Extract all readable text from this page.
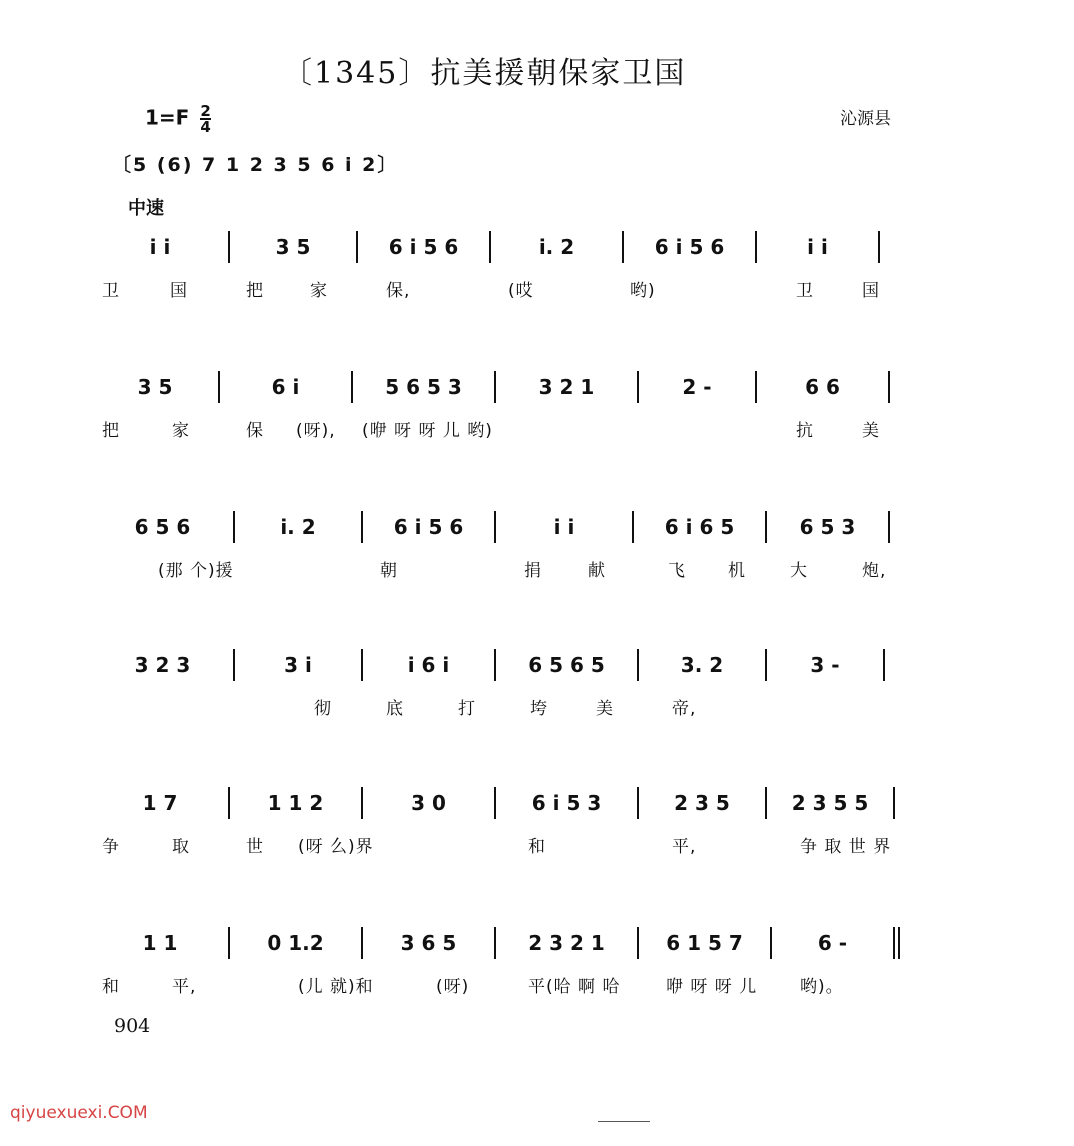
〔1345〕抗美援朝保家卫国
$1=F \frac{2}{4}$	沁源县
〔5 (6) 7 1 2 3 5 6 i 2〕
中速
i i	3 5	6 i 5 6	i. 2	6 i 5 6	i i
卫	国	把	家	保,	(哎	哟)	卫	国
3 5	6 i	5 6 5 3	3 2 1	2 -	6 6
把	家	保 (呀), (咿 呀 呀 儿 哟)	抗	美
6 5 6	i. 2	6 i 5 6	i i	6 i 6 5	6 5 3
(那 个)援	朝	捐	献	飞 机	大	炮,
3 2 3	3 i	i 6 i	6 5 6 5	3. 2	3 -
彻	底	打	垮	美	帝,
1 7	1 1 2	3 0	6 i 5 3	2 3 5	2 3 5 5
争	取	世 (呀 么)界	和	平,	争 取 世 界
1 1	0 1.2	3 6 5	2 3 2 1	6 1 5 7	6 -
和	平,	(儿 就)和	(呀)	平(哈 啊 哈	咿 呀 呀 儿	哟)。
904
qiyuexuexi.COM
